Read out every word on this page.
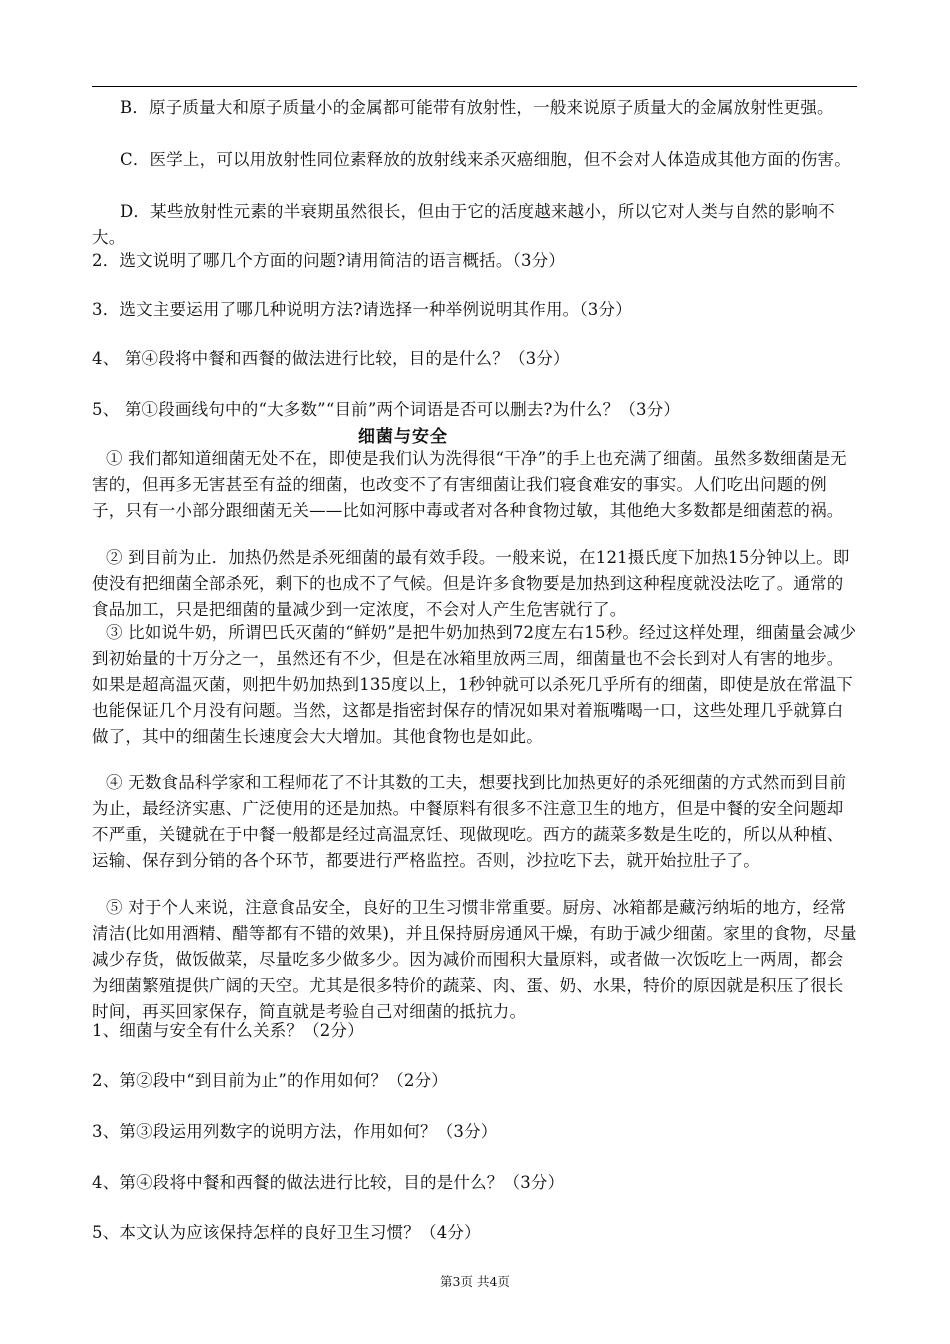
B．原子质量大和原子质量小的金属都可能带有放射性，一般来说原子质量大的金属放射性更强。
C．医学上，可以用放射性同位素释放的放射线来杀灭癌细胞，但不会对人体造成其他方面的伤害。
D．某些放射性元素的半衰期虽然很长，但由于它的活度越来越小，所以它对人类与自然的影响不大。
2．选文说明了哪几个方面的问题?请用简洁的语言概括。（3分）
3．选文主要运用了哪几种说明方法?请选择一种举例说明其作用。（3分）
4、 第④段将中餐和西餐的做法进行比较，目的是什么？（3分）
5、 第①段画线句中的“大多数”“目前”两个词语是否可以删去?为什么？（3分）
细菌与安全
① 我们都知道细菌无处不在，即使是我们认为洗得很“干净”的手上也充满了细菌。虽然多数细菌是无害的，但再多无害甚至有益的细菌，也改变不了有害细菌让我们寝食难安的事实。人们吃出问题的例子，只有一小部分跟细菌无关——比如河豚中毒或者对各种食物过敏，其他绝大多数都是细菌惹的祸。
② 到目前为止．加热仍然是杀死细菌的最有效手段。一般来说，在121摄氏度下加热15分钟以上。即使没有把细菌全部杀死，剩下的也成不了气候。但是许多食物要是加热到这种程度就没法吃了。通常的食品加工，只是把细菌的量减少到一定浓度，不会对人产生危害就行了。
③ 比如说牛奶，所谓巴氏灭菌的“鲜奶”是把牛奶加热到72度左右15秒。经过这样处理，细菌量会减少到初始量的十万分之一，虽然还有不少，但是在冰箱里放两三周，细菌量也不会长到对人有害的地步。如果是超高温灭菌，则把牛奶加热到135度以上，1秒钟就可以杀死几乎所有的细菌，即使是放在常温下也能保证几个月没有问题。当然，这都是指密封保存的情况如果对着瓶嘴喝一口，这些处理几乎就算白做了，其中的细菌生长速度会大大增加。其他食物也是如此。
④ 无数食品科学家和工程师花了不计其数的工夫，想要找到比加热更好的杀死细菌的方式然而到目前为止，最经济实惠、广泛使用的还是加热。中餐原料有很多不注意卫生的地方，但是中餐的安全问题却不严重，关键就在于中餐一般都是经过高温烹饪、现做现吃。西方的蔬菜多数是生吃的，所以从种植、运输、保存到分销的各个环节，都要进行严格监控。否则，沙拉吃下去，就开始拉肚子了。
⑤ 对于个人来说，注意食品安全，良好的卫生习惯非常重要。厨房、冰箱都是藏污纳垢的地方，经常清洁(比如用酒精、醋等都有不错的效果)，并且保持厨房通风干燥，有助于减少细菌。家里的食物，尽量减少存货，做饭做菜，尽量吃多少做多少。因为减价而囤积大量原料，或者做一次饭吃上一两周，都会为细菌繁殖提供广阔的天空。尤其是很多特价的蔬菜、肉、蛋、奶、水果，特价的原因就是积压了很长时间，再买回家保存，简直就是考验自己对细菌的抵抗力。
1、细菌与安全有什么关系？（2分）
2、第②段中“到目前为止”的作用如何？（2分）
3、第③段运用列数字的说明方法，作用如何？（3分）
4、第④段将中餐和西餐的做法进行比较，目的是什么？（3分）
5、本文认为应该保持怎样的良好卫生习惯？（4分）
第3页 共4页
